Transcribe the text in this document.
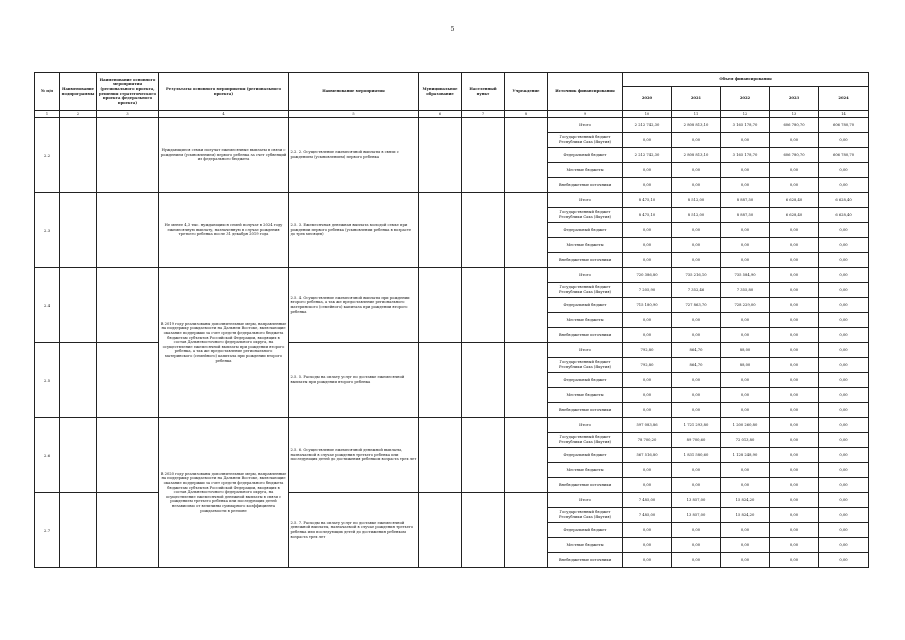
5
№ п/п	Наименование подпрограммы	Наименование основного мероприятия (регионального проекта, решения стратегического проекта федерального проекта)	Результаты основного мероприятия (регионального проекта)	Наименование мероприятия	Муниципальное образование	Населенный пункт	Учреждение	Источник финансирования	Объем финансирования				
									2020	2021	2022	2023	2024
1	2	3	4	5	6	7	8	9	10	11	12	13	14
2.2			Нуждающиеся семьи получат ежемесячные выплаты в связи с рождением (усыновлением) первого ребенка за счет субвенций из федерального бюджета	2.2. 2. Осуществление ежемесячной выплаты в связи с рождением (усыновлением) первого ребенка				Итого	2 212 742,30	2 808 813,10	3 165 178,70	606 780,70	606 780,70
								Государственный бюджет Республики Саха (Якутия)	0,00	0,00	0,00	0,00	0,00
								Федеральный бюджет	2 212 742,30	2 808 813,10	3 165 178,70	606 780,70	606 780,70
								Местные бюджеты	0,00	0,00	0,00	0,00	0,00
								Внебюджетные источники	0,00	0,00	0,00	0,00	0,00
2.3			Не менее 4,3 тыс. нуждающихся семей получат в 2024 году ежемесячную выплату, назначенную в случае рождения третьего ребенка после 31 декабря 2019 года	2.5. 3. Ежемесячная денежная выплата молодой семье при рождении первого ребенка (усыновлении ребенка в возрасте до трех месяцев)				Итого	8 475,10	8 512,00	8 887,50	6 628,40	6 628,40
								Государственный бюджет Республики Саха (Якутия)	8 475,10	8 512,00	8 887,50	6 628,40	6 628,40
								Федеральный бюджет	0,00	0,00	0,00	0,00	0,00
								Местные бюджеты	0,00	0,00	0,00	0,00	0,00
								Внебюджетные источники	0,00	0,00	0,00	0,00	0,00
2.4			В 2019 году реализованы дополнительные меры, направленные на поддержку рождаемости на Дальнем Востоке, включающие оказание поддержки за счет средств федерального бюджета бюджетам субъектов Российской Федерации, входящих в состав Дальневосточного федерального округа, на осуществление ежемесячной выплаты при рождении второго ребенка, а так же предоставление регионального материнского (семейного) капитала при рождении второго ребенка	2.5. 4. Осуществление ежемесячной выплаты при рождении второго ребенка, а так же предоставление регионального материнского (семейного) капитала при рождении второго ребенка				Итого	720 386,80	735 216,10	735 584,90	0,00	0,00
								Государственный бюджет Республики Саха (Якутия)	7 205,90	7 352,46	7 355,80	0,00	0,00
								Федеральный бюджет	715 180,90	727 863,70	728 229,00	0,00	0,00
								Местные бюджеты	0,00	0,00	0,00	0,00	0,00
								Внебюджетные источники	0,00	0,00	0,00	0,00	0,00
2.5				2.5. 5. Расходы на оплату услуг по доставке ежемесячной выплаты при рождении второго ребенка				Итого	792,80	864,70	88,00	0,00	0,00
								Государственный бюджет Республики Саха (Якутия)	792,80	864,70	88,00	0,00	0,00
								Федеральный бюджет	0,00	0,00	0,00	0,00	0,00
								Местные бюджеты	0,00	0,00	0,00	0,00	0,00
								Внебюджетные источники	0,00	0,00	0,00	0,00	0,00
2.6			В 2020 году реализованы дополнительные меры, направленные на поддержку рождаемости на Дальнем Востоке, включающие оказание поддержки за счет средств федерального бюджета бюджетам субъектов Российской Федерации, входящих в состав Дальневосточного федерального округа, на осуществление ежемесячной денежной выплаты в связи с рождением третьего ребенка или последующих детей независимо от величины суммарного коэффициента рождаемости в регионе	2.5. 6. Осуществление ежемесячной денежной выплаты, назначаемой в случае рождения третьего ребенка или последующих детей до достижения ребенком возраста трех лет				Итого	597 083,86	1 721 293,80	1 200 260,80	0,00	0,00
								Государственный бюджет Республики Саха (Якутия)	78 700,20	89 700,60	72 013,80	0,00	0,00
								Федеральный бюджет	567 516,80	1 831 580,60	1 128 248,90	0,00	0,00
								Местные бюджеты	0,00	0,00	0,00	0,00	0,00
								Внебюджетные источники	0,00	0,00	0,00	0,00	0,00
2.7				2.5. 7. Расходы на оплату услуг по доставке ежемесячной денежной выплаты, назначаемой в случае рождения третьего ребенка или последующих детей до достижения ребенком возраста трех лет				Итого	7 485,00	13 857,00	15 824,20	0,00	0,00
								Государственный бюджет Республики Саха (Якутия)	7 485,00	13 857,00	15 824,20	0,00	0,00
								Федеральный бюджет	0,00	0,00	0,00	0,00	0,00
								Местные бюджеты	0,00	0,00	0,00	0,00	0,00
								Внебюджетные источники	0,00	0,00	0,00	0,00	0,00
